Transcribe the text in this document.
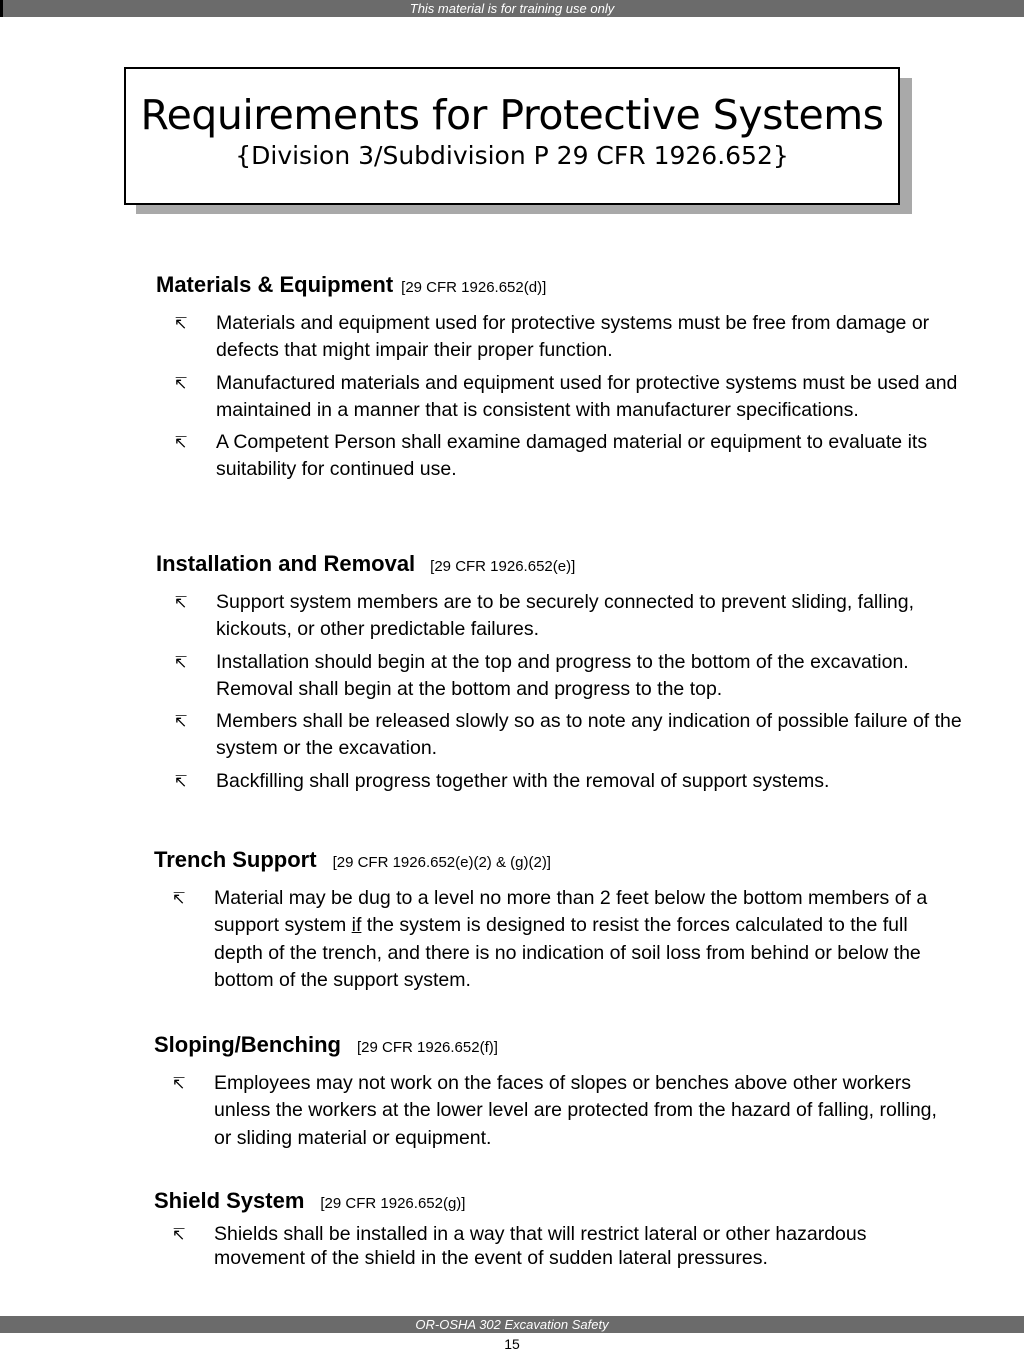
This material is for training use only
Requirements for Protective Systems
{Division 3/Subdivision P 29 CFR 1926.652}
Materials & Equipment [29 CFR 1926.652(d)]
↸	Materials and equipment used for protective systems must be free from damage or defects that might impair their proper function.
↸	Manufactured materials and equipment used for protective systems must be used and maintained in a manner that is consistent with manufacturer specifications.
↸	A Competent Person shall examine damaged material or equipment to evaluate its suitability for continued use.
Installation and Removal [29 CFR 1926.652(e)]
↸	Support system members are to be securely connected to prevent sliding, falling, kickouts, or other predictable failures.
↸	Installation should begin at the top and progress to the bottom of the excavation. Removal shall begin at the bottom and progress to the top.
↸	Members shall be released slowly so as to note any indication of possible failure of the system or the excavation.
↸	Backfilling shall progress together with the removal of support systems.
Trench Support [29 CFR 1926.652(e)(2) & (g)(2)]
↸	Material may be dug to a level no more than 2 feet below the bottom members of a support system if the system is designed to resist the forces calculated to the full depth of the trench, and there is no indication of soil loss from behind or below the bottom of the support system.
Sloping/Benching [29 CFR 1926.652(f)]
↸	Employees may not work on the faces of slopes or benches above other workers unless the workers at the lower level are protected from the hazard of falling, rolling, or sliding material or equipment.
Shield System [29 CFR 1926.652(g)]
↸	Shields shall be installed in a way that will restrict lateral or other hazardous movement of the shield in the event of sudden lateral pressures.
OR-OSHA 302 Excavation Safety
15
